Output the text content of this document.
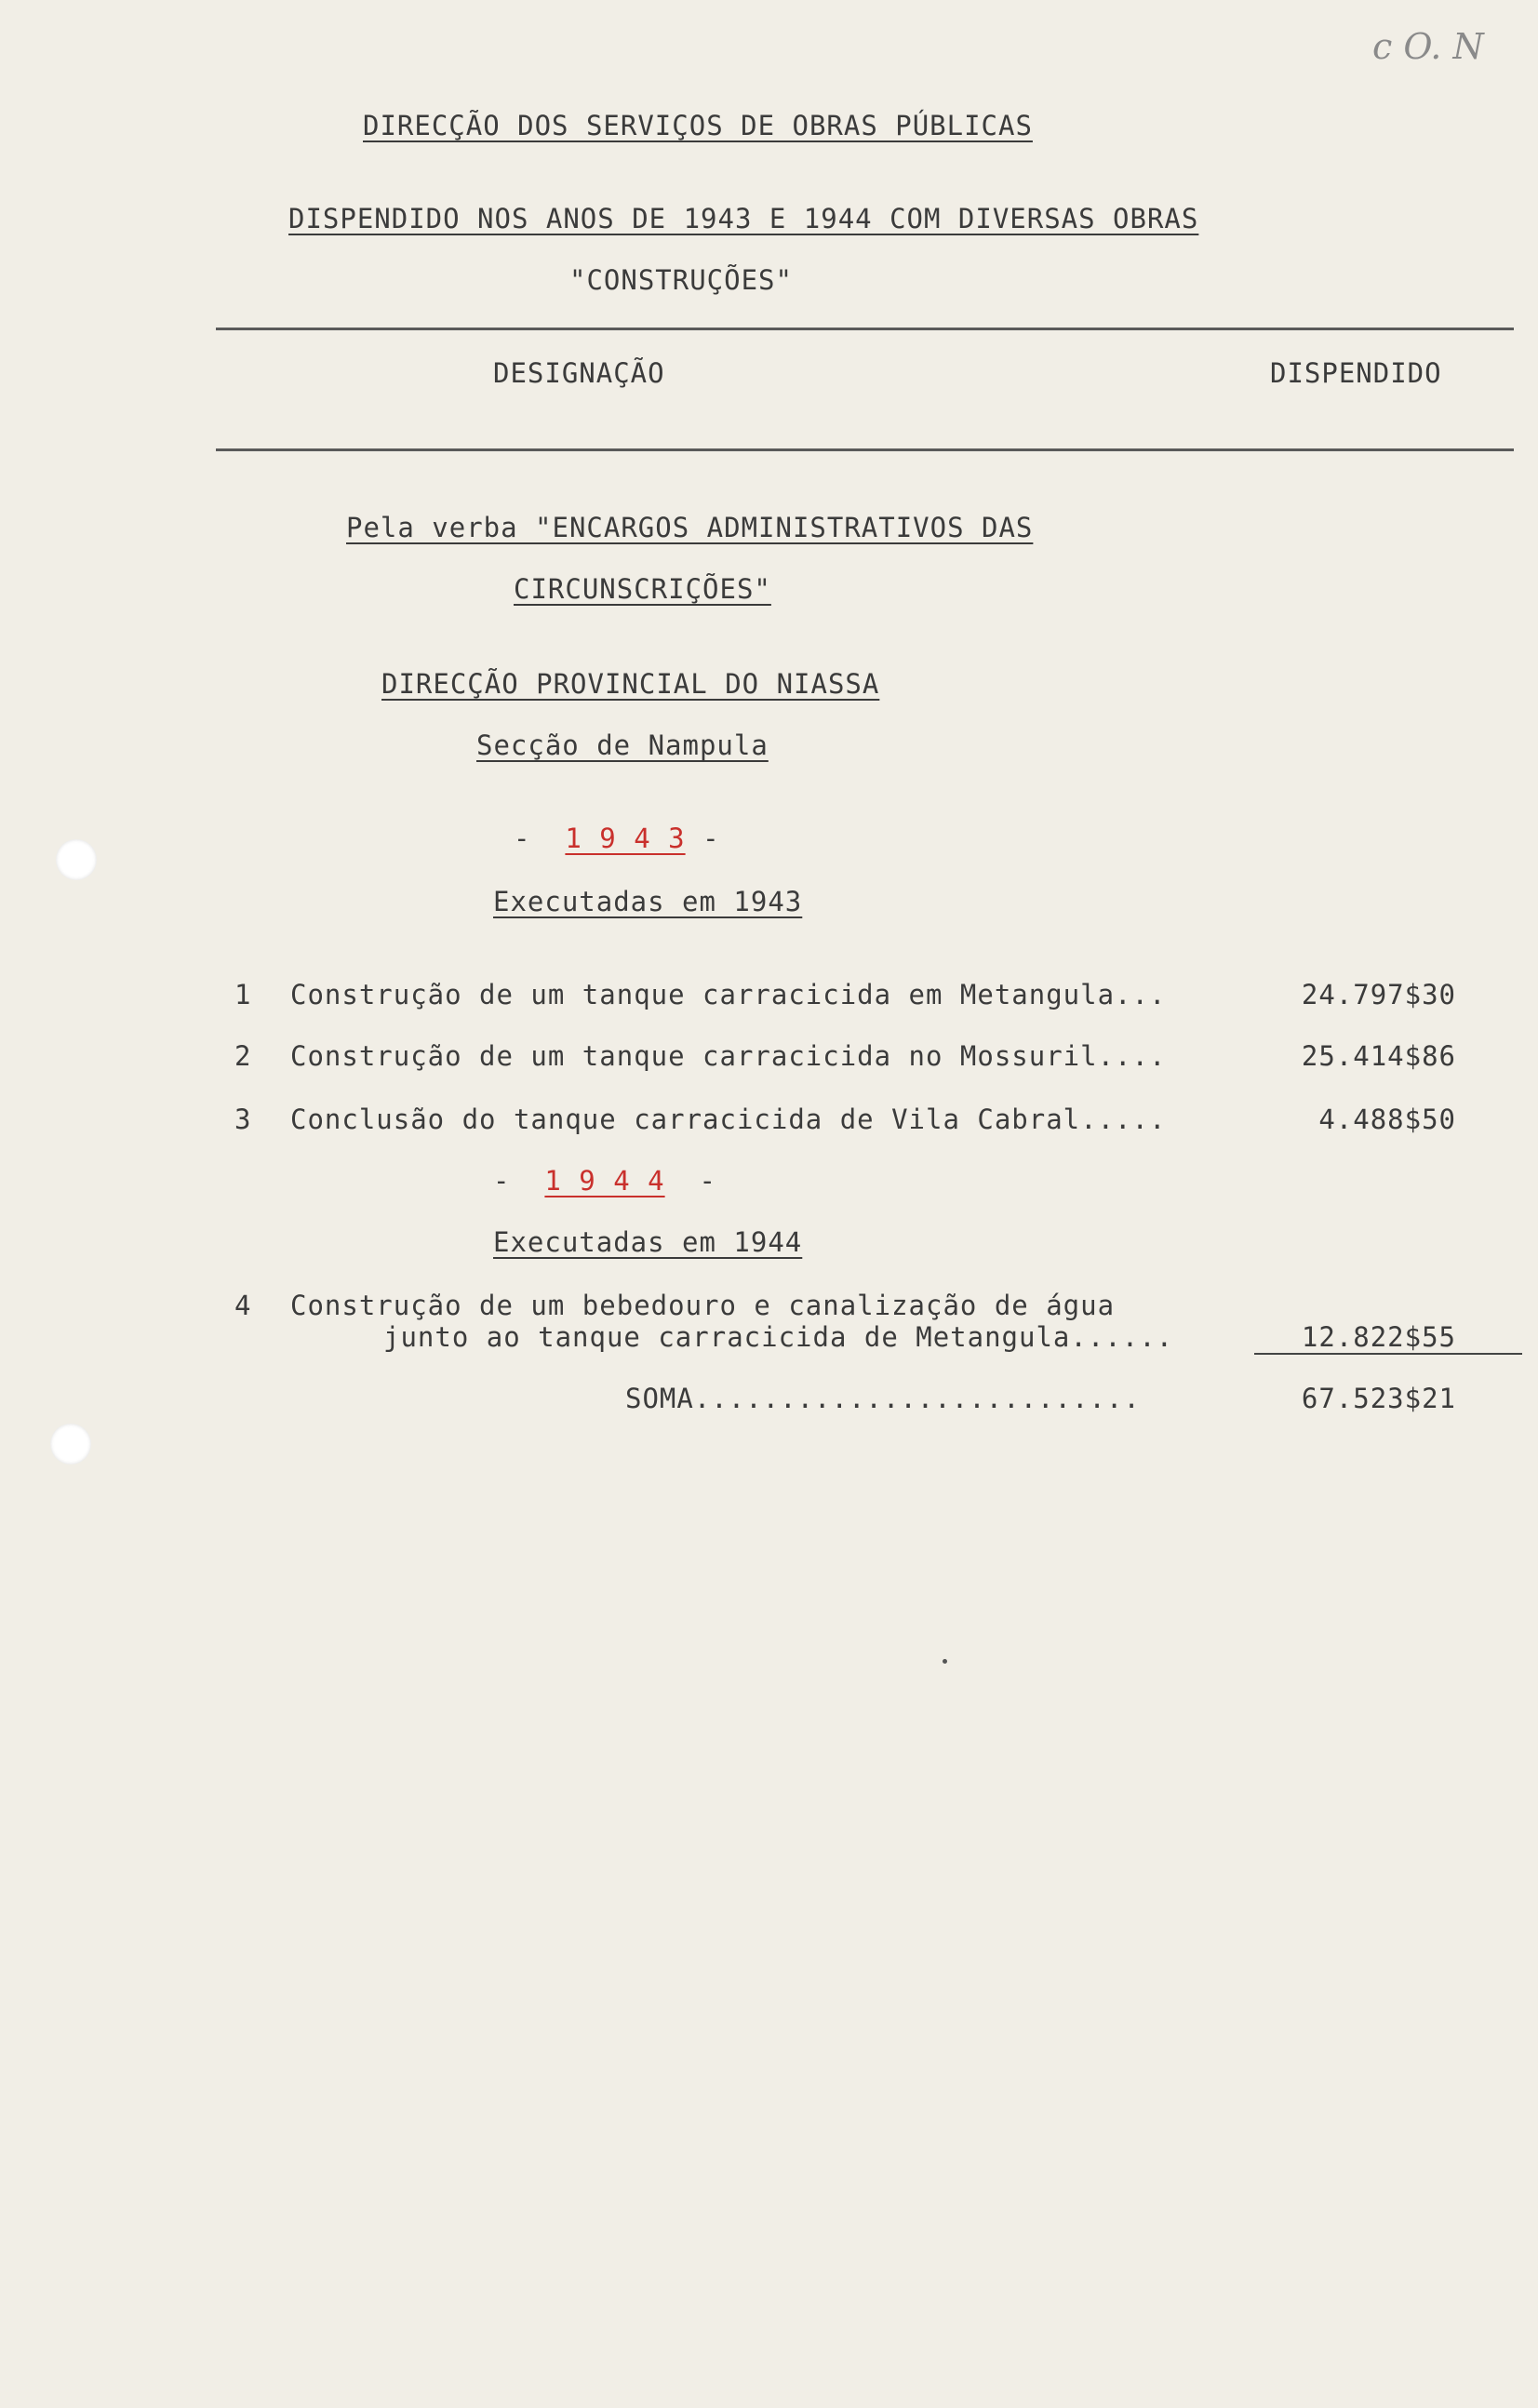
c O. N
DIRECÇÃO DOS SERVIÇOS DE OBRAS PÚBLICAS
DISPENDIDO NOS ANOS DE 1943 E 1944 COM DIVERSAS OBRAS
"CONSTRUÇÕES"
DESIGNAÇÃO	DISPENDIDO
Pela verba "ENCARGOS ADMINISTRATIVOS DAS
CIRCUNSCRIÇÕES"
DIRECÇÃO PROVINCIAL DO NIASSA
Secção de Nampula
-  1 9 4 3 -
Executadas em 1943
1 Construção de um tanque carracicida em Metangula...	24.797$30
2 Construção de um tanque carracicida no Mossuril....	25.414$86
3 Conclusão do tanque carracicida de Vila Cabral.....	4.488$50
-  1 9 4 4  -
Executadas em 1944
4 Construção de um bebedouro e canalização de água
junto ao tanque carracicida de Metangula......	12.822$55
SOMA..........................	67.523$21
